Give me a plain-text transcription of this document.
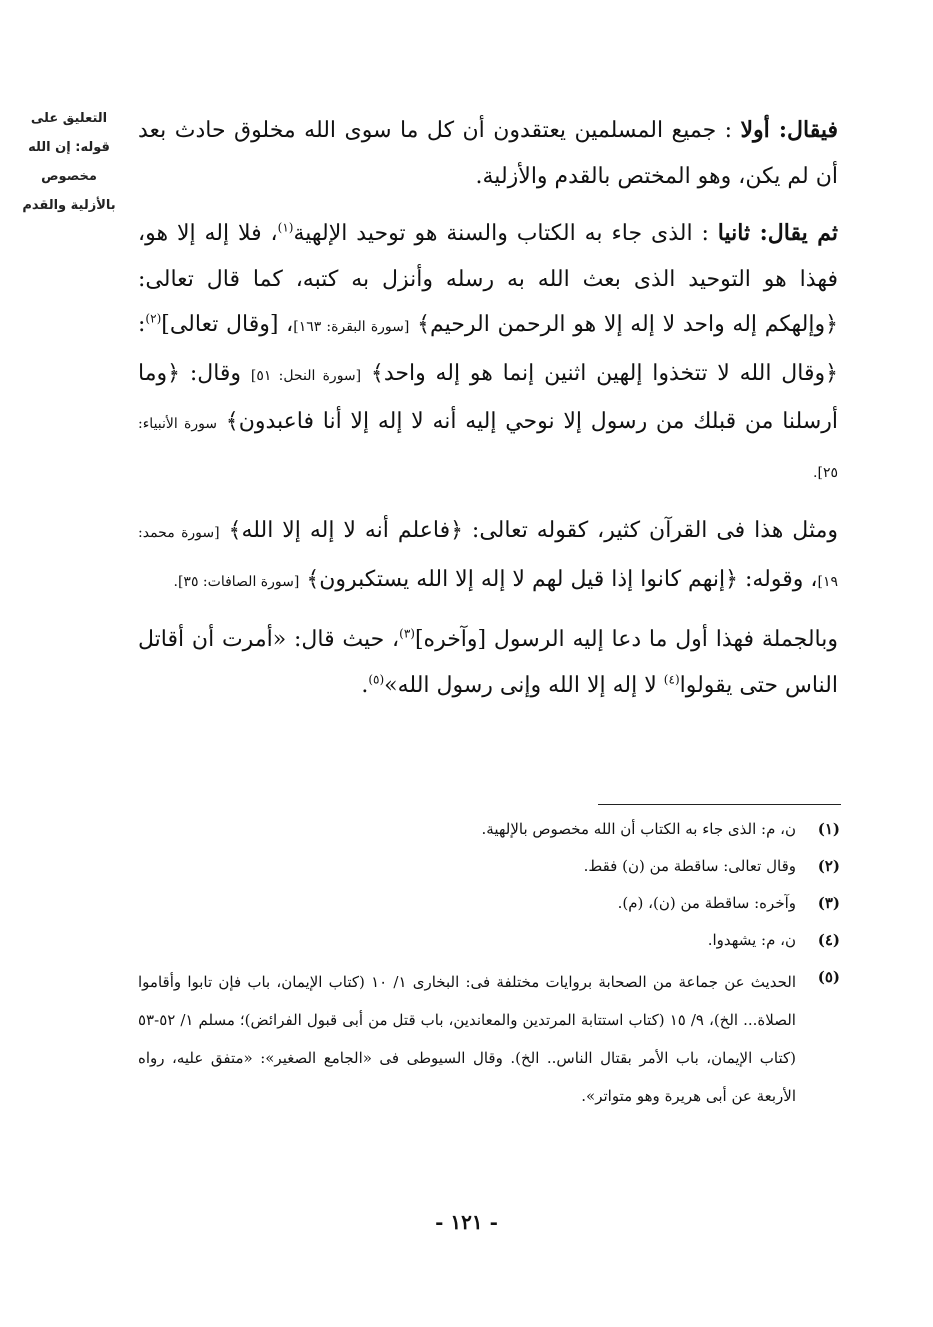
التعليق على
قوله: إن الله
مخصوص
بالأزلية والقدم

فيقال: أولا : جميع المسلمين يعتقدون أن كل ما سوى الله مخلوق حادث بعد أن لم يكن، وهو المختص بالقدم والأزلية.

ثم يقال: ثانيا : الذى جاء به الكتاب والسنة هو توحيد الإلهية$^{(١)}$، فلا إله إلا هو، فهذا هو التوحيد الذى بعث الله به رسله وأنزل به كتبه، كما قال تعالى: ﴿وإلهكم إله واحد لا إله إلا هو الرحمن الرحيم﴾ [سورة البقرة: ١٦٣]، [وقال تعالى]$^{(٢)}$: ﴿وقال الله لا تتخذوا إلهين اثنين إنما هو إله واحد﴾ [سورة النحل: ٥١] وقال: ﴿وما أرسلنا من قبلك من رسول إلا نوحي إليه أنه لا إله إلا أنا فاعبدون﴾ سورة الأنبياء: ٢٥].

ومثل هذا فى القرآن كثير، كقوله تعالى: ﴿فاعلم أنه لا إله إلا الله﴾ [سورة محمد: ١٩]، وقوله: ﴿إنهم كانوا إذا قيل لهم لا إله إلا الله يستكبرون﴾ [سورة الصافات: ٣٥].

وبالجملة فهذا أول ما دعا إليه الرسول [وآخره]$^{(٣)}$، حيث قال: «أمرت أن أقاتل الناس حتى يقولوا$^{(٤)}$ لا إله إلا الله وإنى رسول الله»$^{(٥)}$.

(١)
ن، م: الذى جاء به الكتاب أن الله مخصوص بالإلهية.
(٢)
وقال تعالى: ساقطة من (ن) فقط.
(٣)
وآخره: ساقطة من (ن)، (م).
(٤)
ن، م: يشهدوا.
(٥)
الحديث عن جماعة من الصحابة بروايات مختلفة فى: البخارى ١/ ١٠ (كتاب الإيمان، باب فإن تابوا وأقاموا الصلاة... الخ)، ٩/ ١٥ (كتاب استتابة المرتدين والمعاندين، باب قتل من أبى قبول الفرائض)؛ مسلم ١/ ٥٢-٥٣ (كتاب الإيمان، باب الأمر بقتال الناس.. الخ). وقال السيوطى فى «الجامع الصغير»: «متفق عليه، رواه الأربعة عن أبى هريرة وهو متواتر».
- ١٢١ -
